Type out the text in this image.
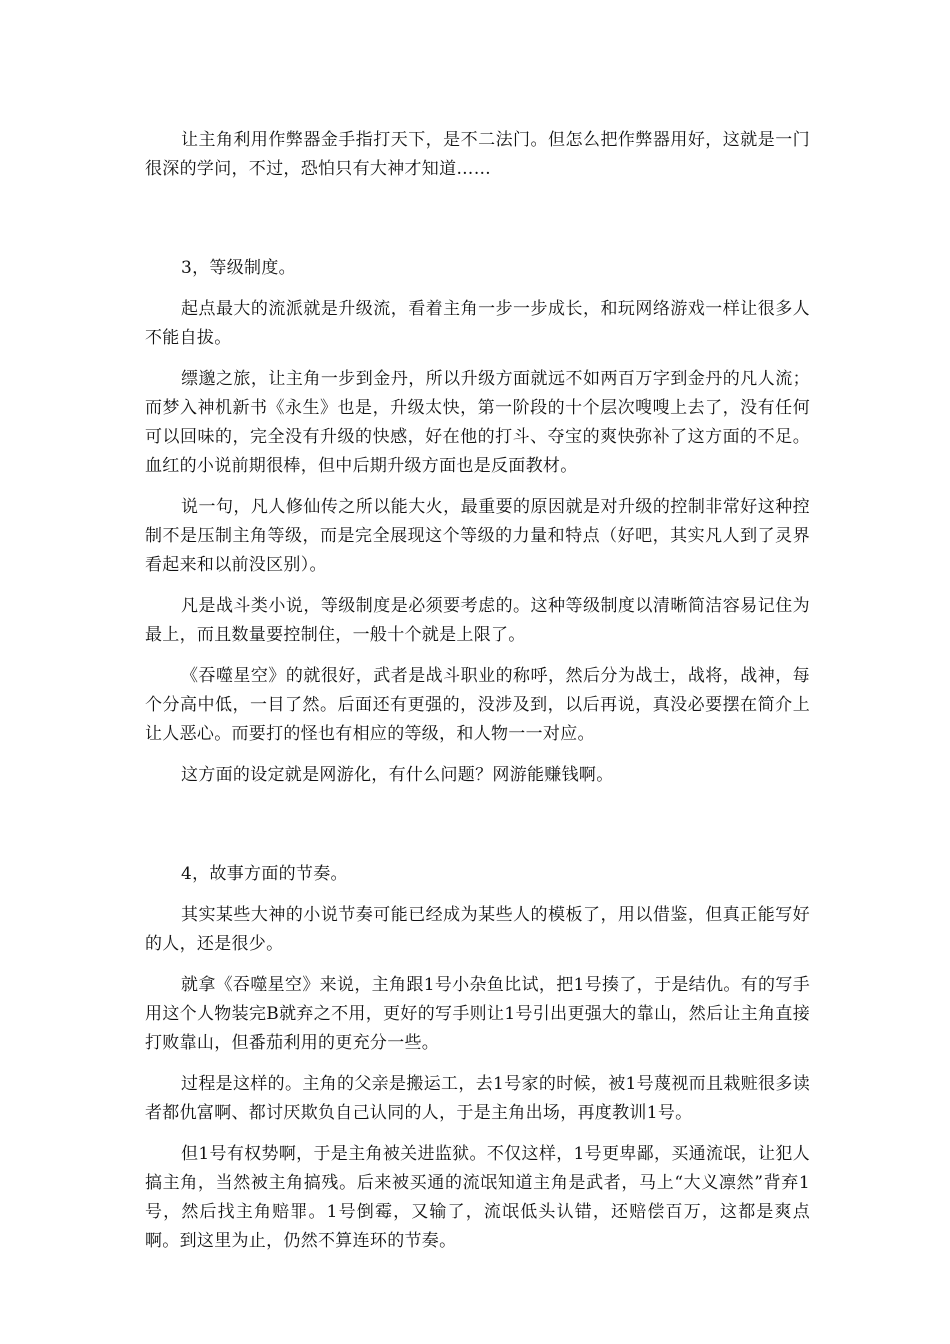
让主角利用作弊器金手指打天下，是不二法门。但怎么把作弊器用好，这就是一门很深的学问，不过，恐怕只有大神才知道……

3，等级制度。

起点最大的流派就是升级流，看着主角一步一步成长，和玩网络游戏一样让很多人不能自拔。

缥邈之旅，让主角一步到金丹，所以升级方面就远不如两百万字到金丹的凡人流；而梦入神机新书《永生》也是，升级太快，第一阶段的十个层次嗖嗖上去了，没有任何可以回味的，完全没有升级的快感，好在他的打斗、夺宝的爽快弥补了这方面的不足。血红的小说前期很棒，但中后期升级方面也是反面教材。

说一句，凡人修仙传之所以能大火，最重要的原因就是对升级的控制非常好这种控制不是压制主角等级，而是完全展现这个等级的力量和特点（好吧，其实凡人到了灵界看起来和以前没区别）。

凡是战斗类小说，等级制度是必须要考虑的。这种等级制度以清晰简洁容易记住为最上，而且数量要控制住，一般十个就是上限了。

《吞噬星空》的就很好，武者是战斗职业的称呼，然后分为战士，战将，战神，每个分高中低，一目了然。后面还有更强的，没涉及到，以后再说，真没必要摆在简介上让人恶心。而要打的怪也有相应的等级，和人物一一对应。

这方面的设定就是网游化，有什么问题？网游能赚钱啊。

4，故事方面的节奏。

其实某些大神的小说节奏可能已经成为某些人的模板了，用以借鉴，但真正能写好的人，还是很少。

就拿《吞噬星空》来说，主角跟1号小杂鱼比试，把1号揍了，于是结仇。有的写手用这个人物装完B就弃之不用，更好的写手则让1号引出更强大的靠山，然后让主角直接打败靠山，但番茄利用的更充分一些。

过程是这样的。主角的父亲是搬运工，去1号家的时候，被1号蔑视而且栽赃很多读者都仇富啊、都讨厌欺负自己认同的人，于是主角出场，再度教训1号。

但1号有权势啊，于是主角被关进监狱。不仅这样，1号更卑鄙，买通流氓，让犯人搞主角，当然被主角搞残。后来被买通的流氓知道主角是武者，马上“大义凛然”背弃1号，然后找主角赔罪。1号倒霉，又输了，流氓低头认错，还赔偿百万，这都是爽点啊。到这里为止，仍然不算连环的节奏。
